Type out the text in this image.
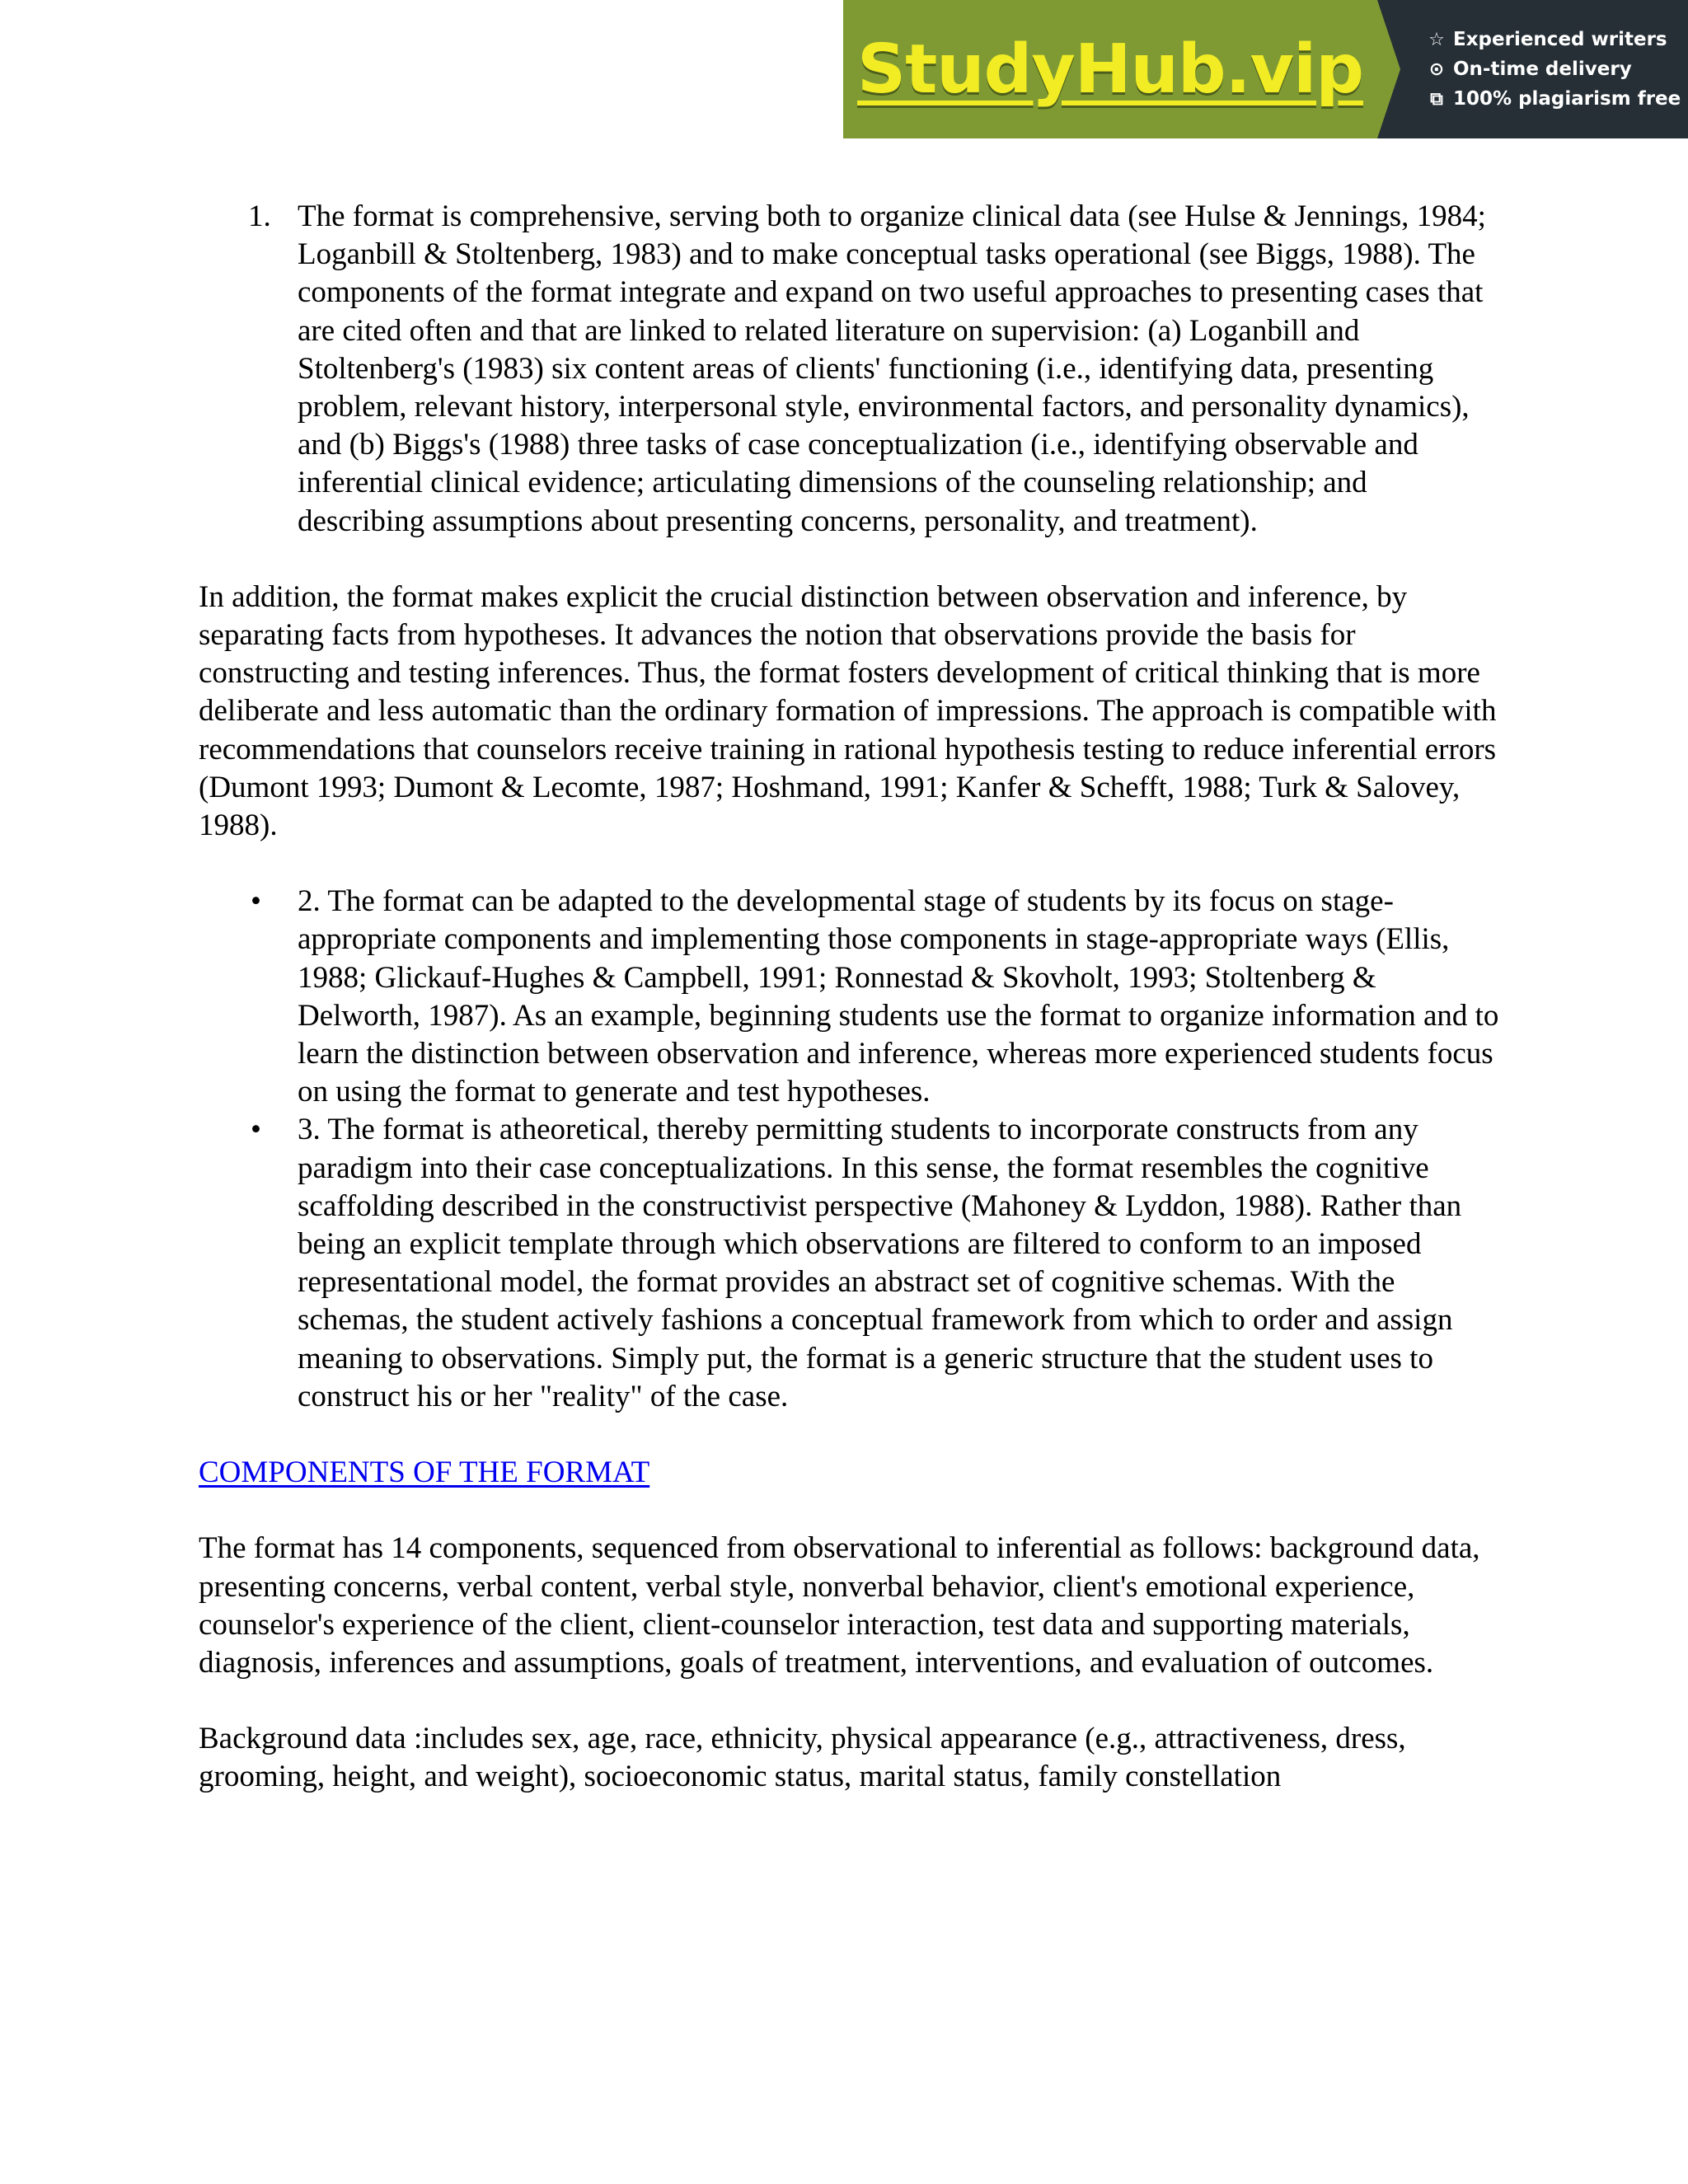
StudyHub.vip	☆ Experienced writers
⊙ On-time delivery
⧉ 100% plagiarism free
1. The format is comprehensive, serving both to organize clinical data (see Hulse & Jennings, 1984; Loganbill & Stoltenberg, 1983) and to make conceptual tasks operational (see Biggs, 1988). The components of the format integrate and expand on two useful approaches to presenting cases that are cited often and that are linked to related literature on supervision: (a) Loganbill and Stoltenberg's (1983) six content areas of clients' functioning (i.e., identifying data, presenting problem, relevant history, interpersonal style, environmental factors, and personality dynamics), and (b) Biggs's (1988) three tasks of case conceptualization (i.e., identifying observable and inferential clinical evidence; articulating dimensions of the counseling relationship; and describing assumptions about presenting concerns, personality, and treatment).

In addition, the format makes explicit the crucial distinction between observation and inference, by separating facts from hypotheses. It advances the notion that observations provide the basis for constructing and testing inferences. Thus, the format fosters development of critical thinking that is more deliberate and less automatic than the ordinary formation of impressions. The approach is compatible with recommendations that counselors receive training in rational hypothesis testing to reduce inferential errors (Dumont 1993; Dumont & Lecomte, 1987; Hoshmand, 1991; Kanfer & Schefft, 1988; Turk & Salovey, 1988).

• 2. The format can be adapted to the developmental stage of students by its focus on stage-appropriate components and implementing those components in stage-appropriate ways (Ellis, 1988; Glickauf-Hughes & Campbell, 1991; Ronnestad & Skovholt, 1993; Stoltenberg & Delworth, 1987). As an example, beginning students use the format to organize information and to learn the distinction between observation and inference, whereas more experienced students focus on using the format to generate and test hypotheses.
• 3. The format is atheoretical, thereby permitting students to incorporate constructs from any paradigm into their case conceptualizations. In this sense, the format resembles the cognitive scaffolding described in the constructivist perspective (Mahoney & Lyddon, 1988). Rather than being an explicit template through which observations are filtered to conform to an imposed representational model, the format provides an abstract set of cognitive schemas. With the schemas, the student actively fashions a conceptual framework from which to order and assign meaning to observations. Simply put, the format is a generic structure that the student uses to construct his or her "reality" of the case.

COMPONENTS OF THE FORMAT

The format has 14 components, sequenced from observational to inferential as follows: background data, presenting concerns, verbal content, verbal style, nonverbal behavior, client's emotional experience, counselor's experience of the client, client-counselor interaction, test data and supporting materials, diagnosis, inferences and assumptions, goals of treatment, interventions, and evaluation of outcomes.

Background data :includes sex, age, race, ethnicity, physical appearance (e.g., attractiveness, dress, grooming, height, and weight), socioeconomic status, marital status, family constellation
